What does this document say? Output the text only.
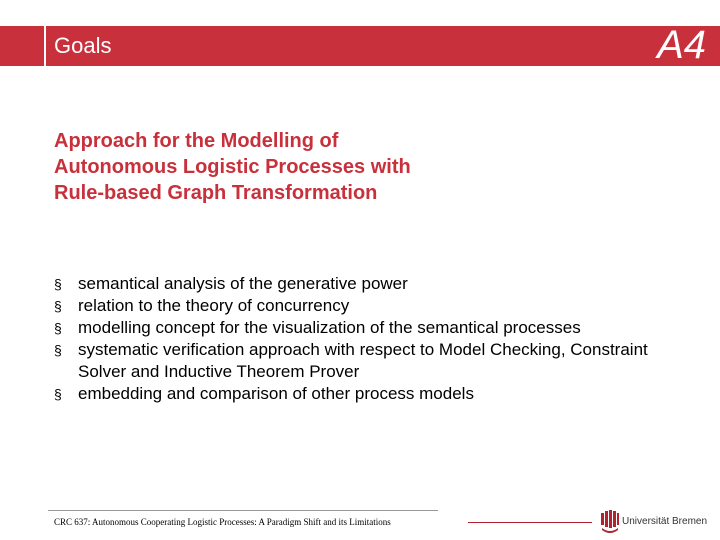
Goals	A4
Approach for the Modelling of
Autonomous Logistic Processes with
Rule-based Graph Transformation
§ semantical analysis of the generative power
§ relation to the theory of concurrency
§ modelling concept for the visualization of the semantical processes
§ systematic verification approach with respect to Model Checking, Constraint Solver and Inductive Theorem Prover
§ embedding and comparison of other process models
CRC 637: Autonomous Cooperating Logistic Processes: A Paradigm Shift and its Limitations	Universität Bremen
